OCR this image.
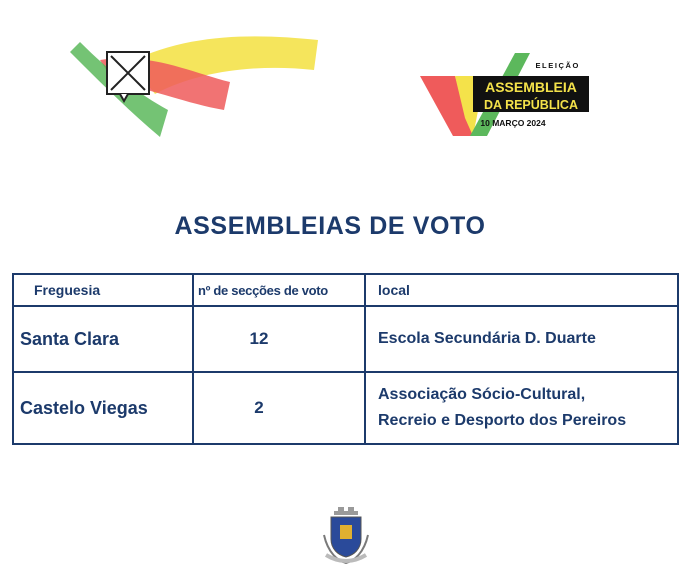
ELEIÇÃO
ASSEMBLEIA
DA REPÚBLICA
10 MARÇO 2024
ASSEMBLEIAS DE VOTO
Freguesia	nº de secções de voto	local
Santa Clara	12	Escola Secundária D. Duarte

Castelo Viegas	2	Associação Sócio-Cultural,
Recreio e Desporto dos Pereiros
